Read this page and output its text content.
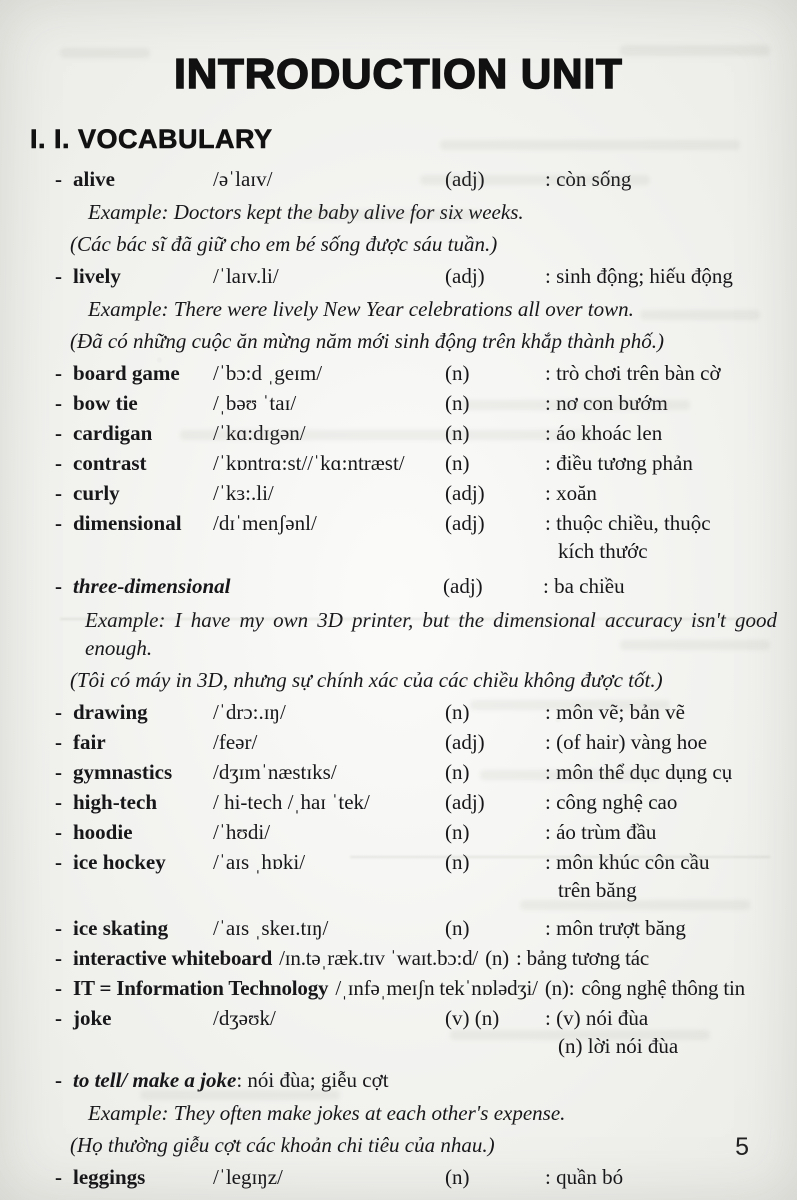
INTRODUCTION UNIT
I. I. VOCABULARY
- alive	/əˈlaɪv/	(adj)	: còn sống
Example: Doctors kept the baby alive for six weeks.
(Các bác sĩ đã giữ cho em bé sống được sáu tuần.)
- lively	/ˈlaɪv.li/	(adj)	: sinh động; hiếu động
Example: There were lively New Year celebrations all over town.
(Đã có những cuộc ăn mừng năm mới sinh động trên khắp thành phố.)
- board game	/ˈbɔ:d ˌgeɪm/	(n)	: trò chơi trên bàn cờ
- bow tie	/ˌbəʊ ˈtaɪ/	(n)	: nơ con bướm
- cardigan	/ˈkɑ:dɪgən/	(n)	: áo khoác len
- contrast	/ˈkɒntrɑ:st//ˈkɑ:ntræst/	(n)	: điều tương phản
- curly	/ˈkɜ:.li/	(adj)	: xoăn
- dimensional	/dɪˈmenʃənl/	(adj)	: thuộc chiều, thuộc
kích thước
- three-dimensional	(adj)	: ba chiều
Example: I have my own 3D printer, but the dimensional accuracy isn't good enough.
(Tôi có máy in 3D, nhưng sự chính xác của các chiều không được tốt.)
- drawing	/ˈdrɔ:.ɪŋ/	(n)	: môn vẽ; bản vẽ
- fair	/feər/	(adj)	: (of hair) vàng hoe
- gymnastics	/dʒɪmˈnæstɪks/	(n)	: môn thể dục dụng cụ
- high-tech	/ hi-tech /ˌhaɪ ˈtek/	(adj)	: công nghệ cao
- hoodie	/ˈhʊdi/	(n)	: áo trùm đầu
- ice hockey	/ˈaɪs ˌhɒki/	(n)	: môn khúc côn cầu
trên băng
- ice skating	/ˈaɪs ˌskeɪ.tɪŋ/	(n)	: môn trượt băng
- interactive whiteboard /ɪn.təˌræk.tɪv ˈwaɪt.bɔ:d/ (n) : bảng tương tác
- IT = Information Technology /ˌɪnfəˌmeɪʃn tekˈnɒlədʒi/ (n): công nghệ thông tin
- joke	/dʒəʊk/	(v) (n)	: (v) nói đùa
(n) lời nói đùa
- to tell/ make a joke: nói đùa; giễu cợt
Example: They often make jokes at each other's expense.
(Họ thường giễu cợt các khoản chi tiêu của nhau.)
- leggings	/ˈlegɪŋz/	(n)	: quần bó
5
